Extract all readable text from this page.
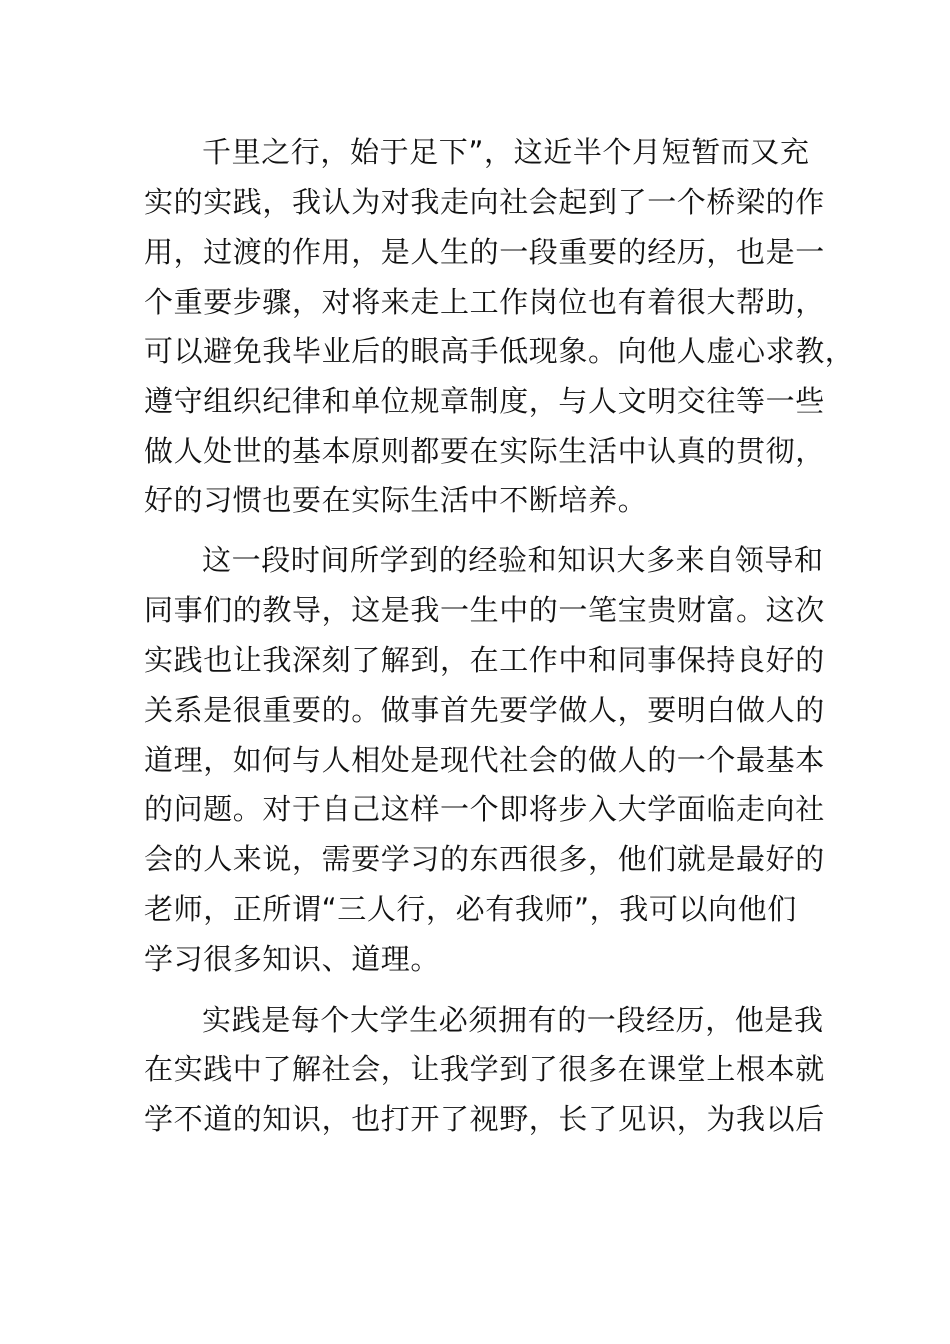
千里之行，始于足下”，这近半个月短暂而又充
实的实践，我认为对我走向社会起到了一个桥梁的作
用，过渡的作用，是人生的一段重要的经历，也是一
个重要步骤，对将来走上工作岗位也有着很大帮助，
可以避免我毕业后的眼高手低现象。向他人虚心求教，
遵守组织纪律和单位规章制度，与人文明交往等一些
做人处世的基本原则都要在实际生活中认真的贯彻，
好的习惯也要在实际生活中不断培养。
这一段时间所学到的经验和知识大多来自领导和
同事们的教导，这是我一生中的一笔宝贵财富。这次
实践也让我深刻了解到，在工作中和同事保持良好的
关系是很重要的。做事首先要学做人，要明白做人的
道理，如何与人相处是现代社会的做人的一个最基本
的问题。对于自己这样一个即将步入大学面临走向社
会的人来说，需要学习的东西很多，他们就是最好的
老师，正所谓“三人行，必有我师”，我可以向他们
学习很多知识、道理。
实践是每个大学生必须拥有的一段经历，他是我
在实践中了解社会，让我学到了很多在课堂上根本就
学不道的知识，也打开了视野，长了见识，为我以后
